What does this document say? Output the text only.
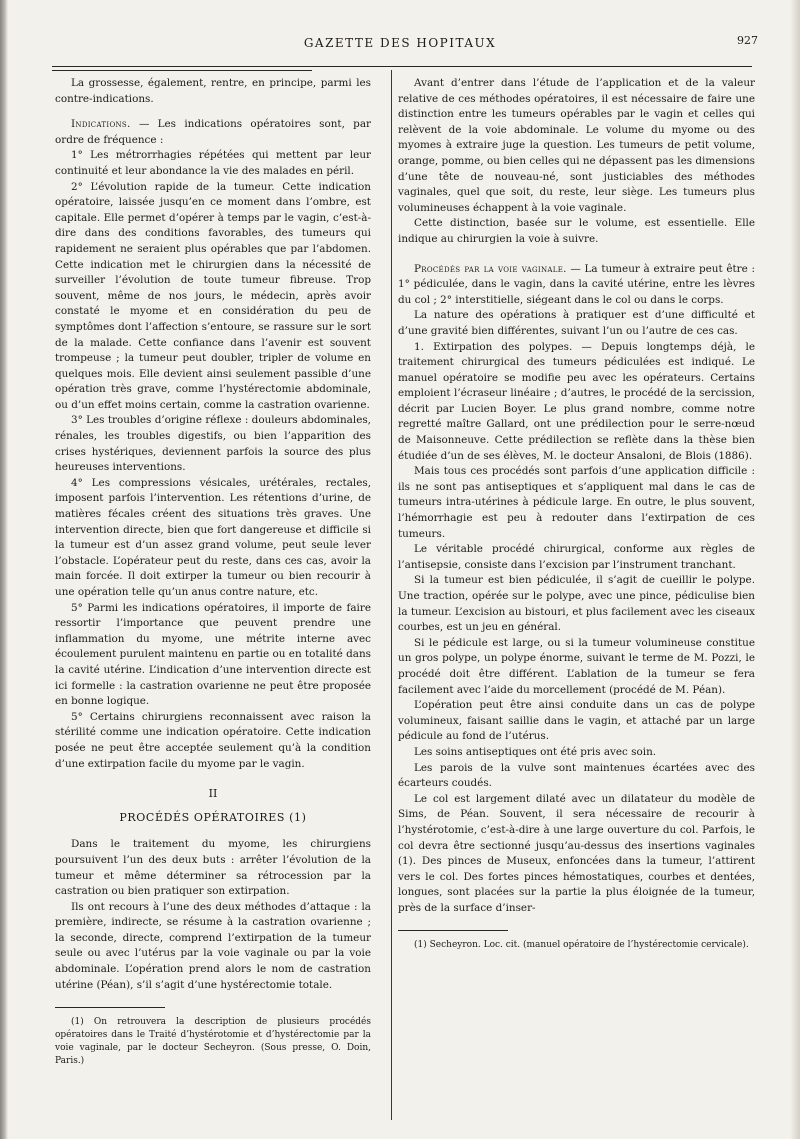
GAZETTE DES HOPITAUX	927

La grossesse, également, rentre, en principe, parmi les contre-indications.

Indications. — Les indications opératoires sont, par ordre de fréquence :

1° Les métrorrhagies répétées qui mettent par leur continuité et leur abondance la vie des malades en péril.

2° L’évolution rapide de la tumeur. Cette indication opératoire, laissée jusqu’en ce moment dans l’ombre, est capitale. Elle permet d’opérer à temps par le vagin, c’est-à-dire dans des conditions favorables, des tumeurs qui rapidement ne seraient plus opérables que par l’abdomen. Cette indication met le chirurgien dans la nécessité de surveiller l’évolution de toute tumeur fibreuse. Trop souvent, même de nos jours, le médecin, après avoir constaté le myome et en considération du peu de symptômes dont l’affection s’entoure, se rassure sur le sort de la malade. Cette confiance dans l’avenir est souvent trompeuse ; la tumeur peut doubler, tripler de volume en quelques mois. Elle devient ainsi seulement passible d’une opération très grave, comme l’hystérectomie abdominale, ou d’un effet moins certain, comme la castration ovarienne.

3° Les troubles d’origine réflexe : douleurs abdominales, rénales, les troubles digestifs, ou bien l’apparition des crises hystériques, deviennent parfois la source des plus heureuses interventions.

4° Les compressions vésicales, urétérales, rectales, imposent parfois l’intervention. Les rétentions d’urine, de matières fécales créent des situations très graves. Une intervention directe, bien que fort dangereuse et difficile si la tumeur est d’un assez grand volume, peut seule lever l’obstacle. L’opérateur peut du reste, dans ces cas, avoir la main forcée. Il doit extirper la tumeur ou bien recourir à une opération telle qu’un anus contre nature, etc.

5° Parmi les indications opératoires, il importe de faire ressortir l’importance que peuvent prendre une inflammation du myome, une métrite interne avec écoulement purulent maintenu en partie ou en totalité dans la cavité utérine. L’indication d’une intervention directe est ici formelle : la castration ovarienne ne peut être proposée en bonne logique.

5° Certains chirurgiens reconnaissent avec raison la stérilité comme une indication opératoire. Cette indication posée ne peut être acceptée seulement qu’à la condition d’une extirpation facile du myome par le vagin.

II
PROCÉDÉS OPÉRATOIRES (1)

Dans le traitement du myome, les chirurgiens poursuivent l’un des deux buts : arrêter l’évolution de la tumeur et même déterminer sa rétrocession par la castration ou bien pratiquer son extirpation.

Ils ont recours à l’une des deux méthodes d’attaque : la première, indirecte, se résume à la castration ovarienne ; la seconde, directe, comprend l’extirpation de la tumeur seule ou avec l’utérus par la voie vaginale ou par la voie abdominale. L’opération prend alors le nom de castration utérine (Péan), s’il s’agit d’une hystérectomie totale.

(1) On retrouvera la description de plusieurs procédés opératoires dans le Traité d’hystérotomie et d’hystérectomie par la voie vaginale, par le docteur Secheyron. (Sous presse, O. Doin, Paris.)

Avant d’entrer dans l’étude de l’application et de la valeur relative de ces méthodes opératoires, il est nécessaire de faire une distinction entre les tumeurs opérables par le vagin et celles qui relèvent de la voie abdominale. Le volume du myome ou des myomes à extraire juge la question. Les tumeurs de petit volume, orange, pomme, ou bien celles qui ne dépassent pas les dimensions d’une tête de nouveau-né, sont justiciables des méthodes vaginales, quel que soit, du reste, leur siège. Les tumeurs plus volumineuses échappent à la voie vaginale.

Cette distinction, basée sur le volume, est essentielle. Elle indique au chirurgien la voie à suivre.

Procédés par la voie vaginale. — La tumeur à extraire peut être : 1° pédiculée, dans le vagin, dans la cavité utérine, entre les lèvres du col ; 2° interstitielle, siégeant dans le col ou dans le corps.

La nature des opérations à pratiquer est d’une difficulté et d’une gravité bien différentes, suivant l’un ou l’autre de ces cas.

1. Extirpation des polypes. — Depuis longtemps déjà, le traitement chirurgical des tumeurs pédiculées est indiqué. Le manuel opératoire se modifie peu avec les opérateurs. Certains emploient l’écraseur linéaire ; d’autres, le procédé de la sercission, décrit par Lucien Boyer. Le plus grand nombre, comme notre regretté maître Gallard, ont une prédilection pour le serre-nœud de Maisonneuve. Cette prédilection se reflète dans la thèse bien étudiée d’un de ses élèves, M. le docteur Ansaloni, de Blois (1886).

Mais tous ces procédés sont parfois d’une application difficile : ils ne sont pas antiseptiques et s’appliquent mal dans le cas de tumeurs intra-utérines à pédicule large. En outre, le plus souvent, l’hémorrhagie est peu à redouter dans l’extirpation de ces tumeurs.

Le véritable procédé chirurgical, conforme aux règles de l’antisepsie, consiste dans l’excision par l’instrument tranchant.

Si la tumeur est bien pédiculée, il s’agit de cueillir le polype. Une traction, opérée sur le polype, avec une pince, pédiculise bien la tumeur. L’excision au bistouri, et plus facilement avec les ciseaux courbes, est un jeu en général.

Si le pédicule est large, ou si la tumeur volumineuse constitue un gros polype, un polype énorme, suivant le terme de M. Pozzi, le procédé doit être différent. L’ablation de la tumeur se fera facilement avec l’aide du morcellement (procédé de M. Péan).

L’opération peut être ainsi conduite dans un cas de polype volumineux, faisant saillie dans le vagin, et attaché par un large pédicule au fond de l’utérus.

Les soins antiseptiques ont été pris avec soin.

Les parois de la vulve sont maintenues écartées avec des écarteurs coudés.

Le col est largement dilaté avec un dilatateur du modèle de Sims, de Péan. Souvent, il sera nécessaire de recourir à l’hystérotomie, c’est-à-dire à une large ouverture du col. Parfois, le col devra être sectionné jusqu’au-dessus des insertions vaginales (1). Des pinces de Museux, enfoncées dans la tumeur, l’attirent vers le col. Des fortes pinces hémostatiques, courbes et dentées, longues, sont placées sur la partie la plus éloignée de la tumeur, près de la surface d’inser-

(1) Secheyron. Loc. cit. (manuel opératoire de l’hystérectomie cervicale).
